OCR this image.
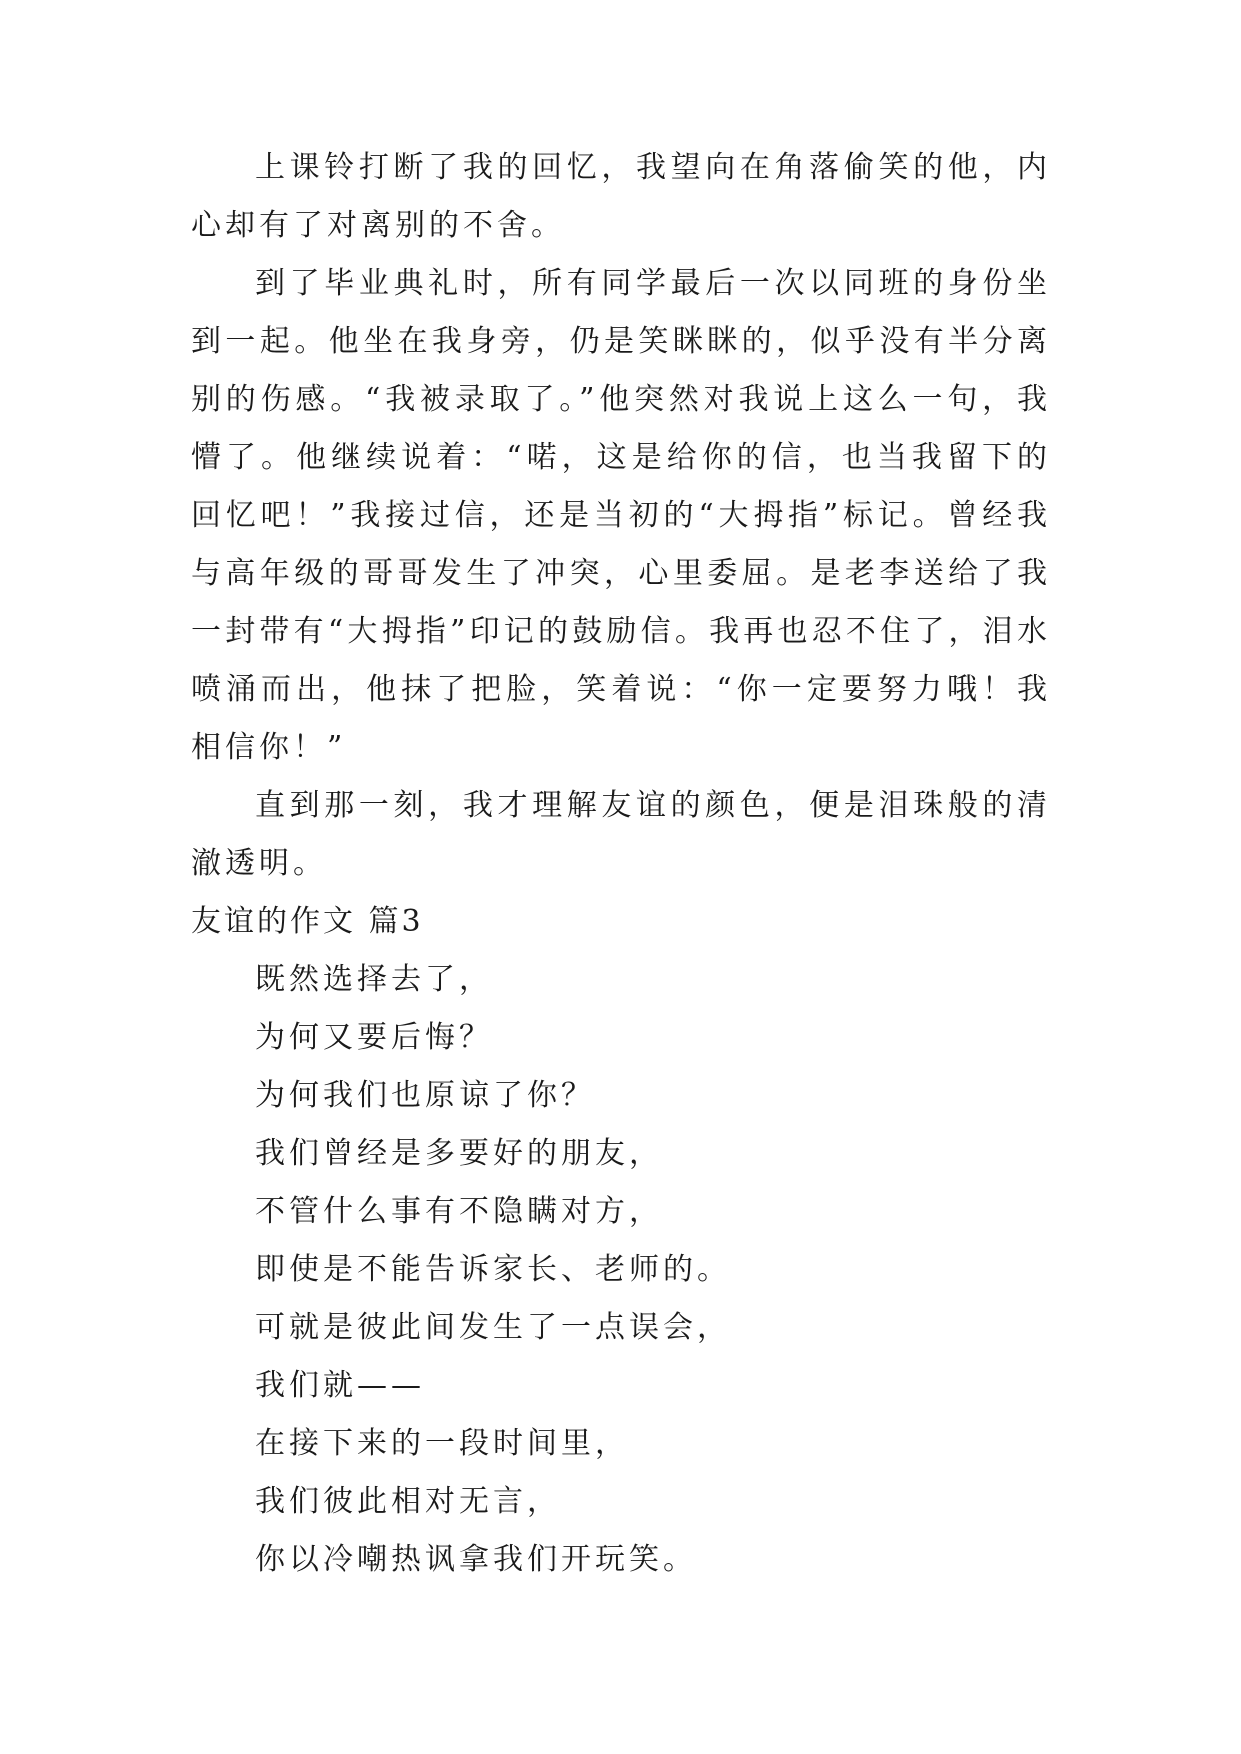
上课铃打断了我的回忆，我望向在角落偷笑的他，内心却有了对离别的不舍。

到了毕业典礼时，所有同学最后一次以同班的身份坐到一起。他坐在我身旁，仍是笑眯眯的，似乎没有半分离别的伤感。“我被录取了。”他突然对我说上这么一句，我懵了。他继续说着：“喏，这是给你的信，也当我留下的回忆吧！”我接过信，还是当初的“大拇指”标记。曾经我与高年级的哥哥发生了冲突，心里委屈。是老李送给了我一封带有“大拇指”印记的鼓励信。我再也忍不住了，泪水喷涌而出，他抹了把脸，笑着说：“你一定要努力哦！我相信你！”

直到那一刻，我才理解友谊的颜色，便是泪珠般的清澈透明。

友谊的作文 篇3

既然选择去了，

为何又要后悔？

为何我们也原谅了你？

我们曾经是多要好的朋友，

不管什么事有不隐瞒对方，

即使是不能告诉家长、老师的。

可就是彼此间发生了一点误会，

我们就——

在接下来的一段时间里，

我们彼此相对无言，

你以冷嘲热讽拿我们开玩笑。
